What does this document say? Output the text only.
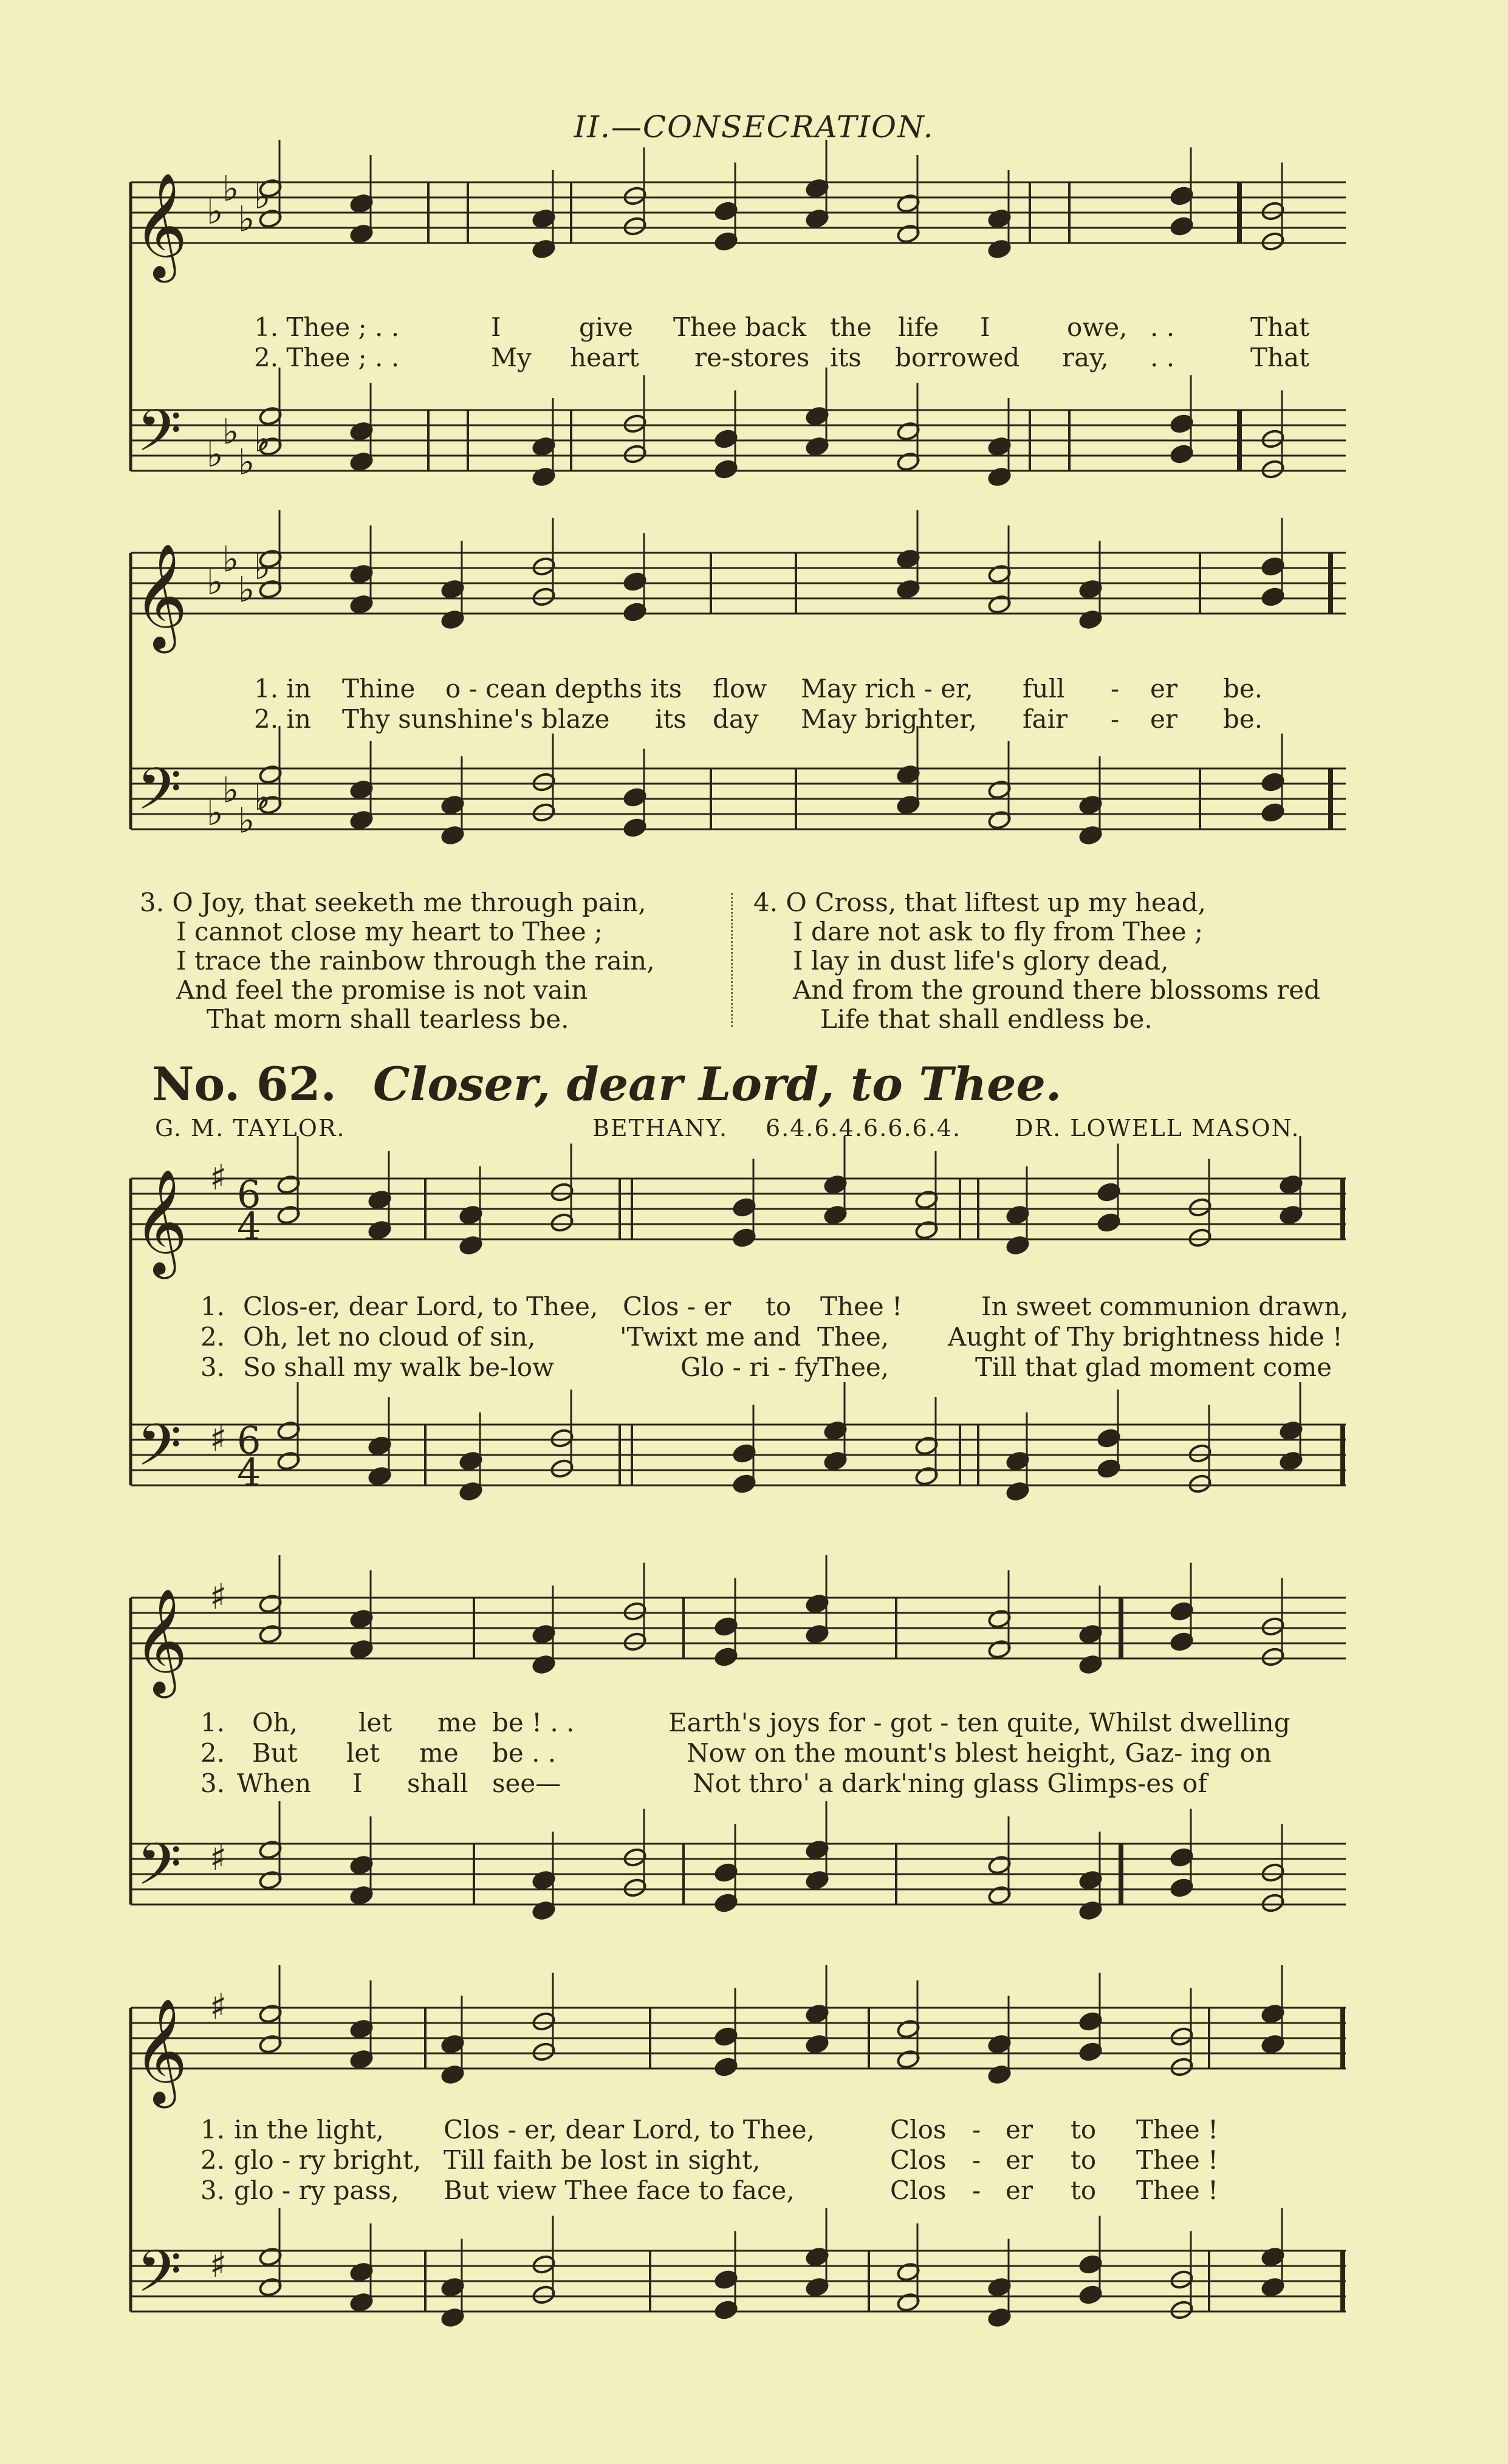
II.—CONSECRATION.
𝄞 ♭
♭
♭
♭
𝄢 ♭
♭
♭
♭
𝄞 ♭
♭
♭
♭
𝄢 ♭
♭
♭
♭
𝄞 ♯ 6
4
𝄢 ♯ 6
4
𝄞 ♯
𝄢 ♯
𝄞 ♯
𝄢 ♯
1. Thee ; . .	I	give Thee back the life I	owe, . .	That
2. Thee ; . .	My heart re-stores its borrowed ray, . .	That
1. in Thine o - cean depths its flow May rich - er, full - er be.
2. in Thy sunshine's blaze its day May brighter, fair - er be.
3. O Joy, that seeketh me through pain,
I cannot close my heart to Thee ;
I trace the rainbow through the rain,
And feel the promise is not vain
That morn shall tearless be.
4. O Cross, that liftest up my head,
I dare not ask to fly from Thee ;
I lay in dust life's glory dead,
And from the ground there blossoms red
Life that shall endless be.
No. 62. Closer, dear Lord, to Thee.
G. M. TAYLOR.	BETHANY. 6.4.6.4.6.6.6.4. DR. LOWELL MASON.
1. Clos-er, dear Lord, to Thee, Clos - er to Thee !	In sweet communion drawn,
2. Oh, let no cloud of sin,	'Twixt me and Thee, Aught of Thy brightness hide !
3. So shall my walk be-low	Glo - ri - fy
Thee,	Till that glad moment come
1. Oh, let me be ! . .	Earth's joys for - got - ten quite, Whilst dwelling
2. But let me be . .	Now on the mount's blest height, Gaz- ing on
3. When I shall see—	Not thro' a dark'ning glass Glimps-es of
1. in the light, Clos - er, dear Lord, to Thee,	Clos - er to Thee !
2. glo - ry bright, Till faith be lost in sight,	Clos - er to Thee !
3. glo - ry pass, But view Thee face to face,	Clos - er to Thee !
